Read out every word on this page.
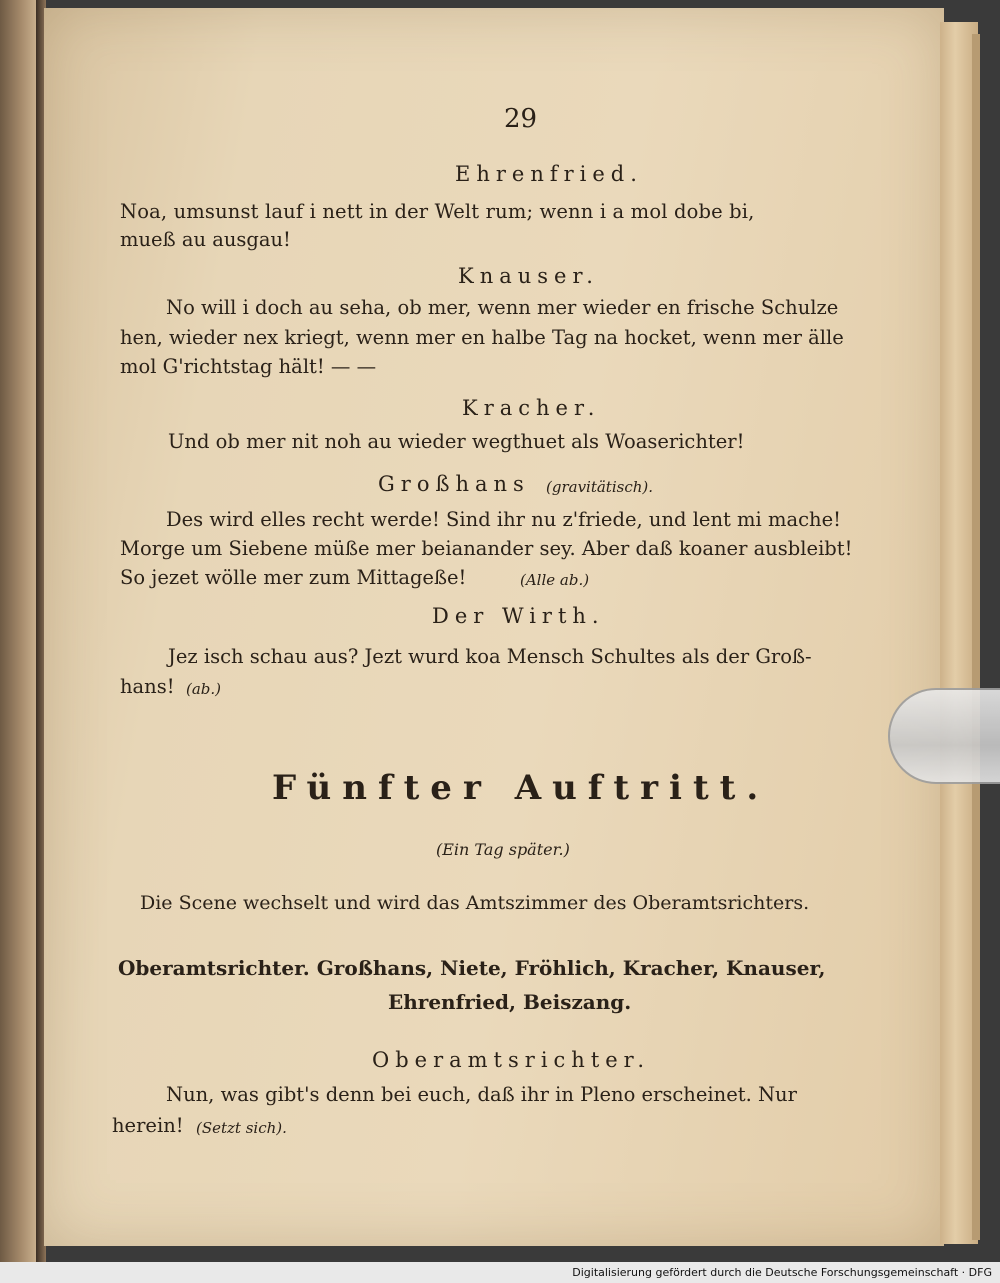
29
Ehrenfried.
Noa, umsunst lauf i nett in der Welt rum; wenn i a mol dobe bi,
mueß au ausgau!
Knauser.
No will i doch au seha, ob mer, wenn mer wieder en frische Schulze
hen, wieder nex kriegt, wenn mer en halbe Tag na hocket, wenn mer älle
mol G'richtstag hält! — —
Kracher.
Und ob mer nit noh au wieder wegthuet als Woaserichter!
Großhans (gravitätisch).
Des wird elles recht werde! Sind ihr nu z'friede, und lent mi mache!
Morge um Siebene müße mer beianander sey. Aber daß koaner ausbleibt!
So jezet wölle mer zum Mittageße!	(Alle ab.)
Der Wirth.
Jez isch schau aus? Jezt wurd koa Mensch Schultes als der Groß-
hans! (ab.)
Fünfter Auftritt.
(Ein Tag später.)
Die Scene wechselt und wird das Amtszimmer des Oberamtsrichters.
Oberamtsrichter. Großhans, Niete, Fröhlich, Kracher, Knauser,
Ehrenfried, Beiszang.
Oberamtsrichter.
Nun, was gibt's denn bei euch, daß ihr in Pleno erscheinet. Nur
herein! (Setzt sich).
Digitalisierung gefördert durch die Deutsche Forschungsgemeinschaft · DFG
